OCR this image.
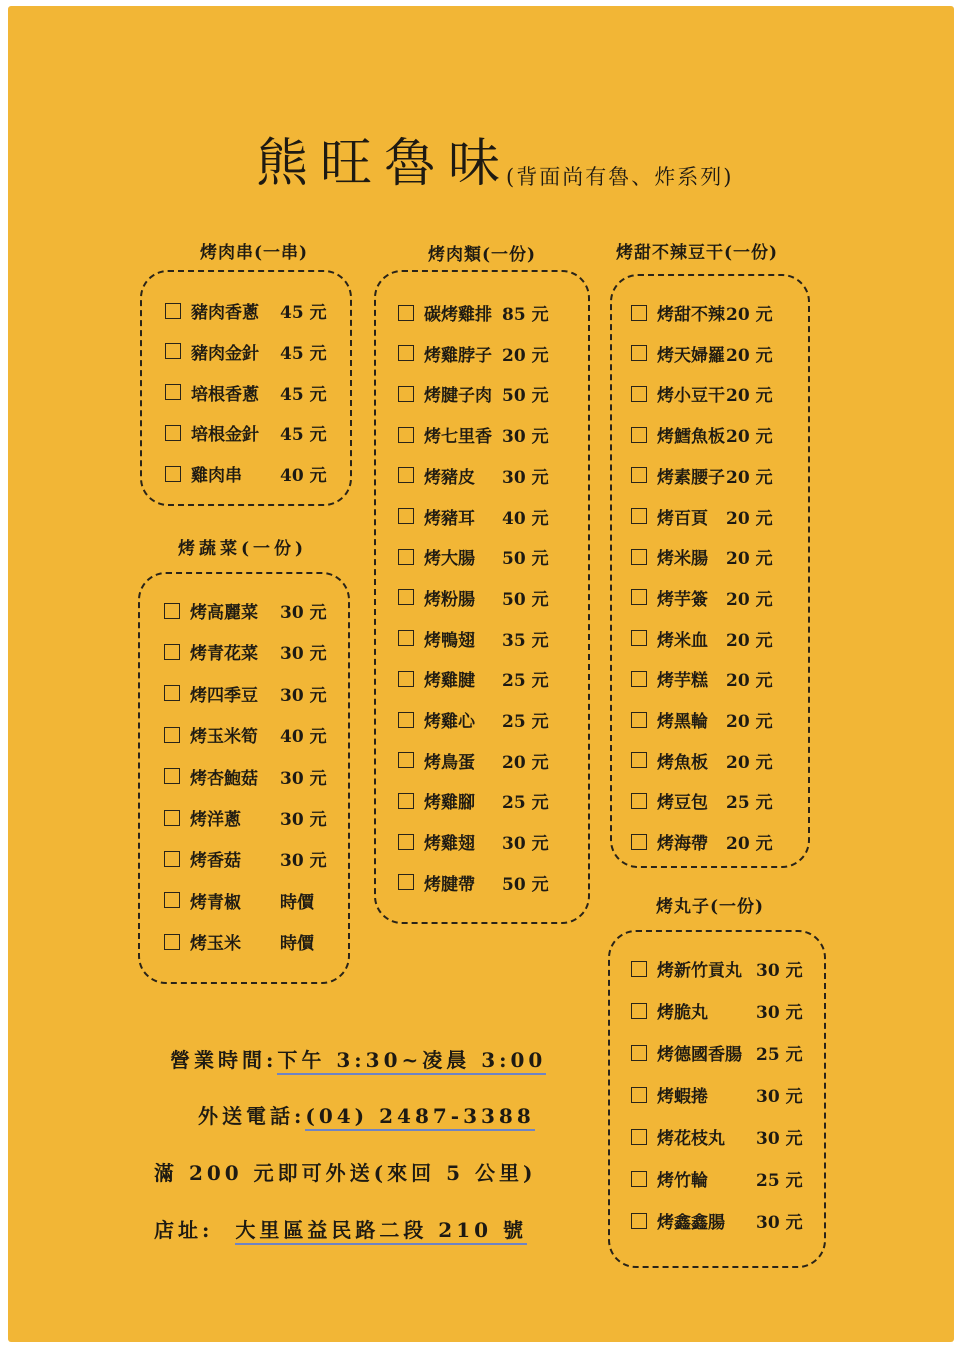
熊旺魯味
(背面尚有魯、炸系列)
烤肉串(一串)
烤蔬菜(一份)
烤肉類(一份)	烤甜不辣豆干(一份)
烤丸子(一份)
豬肉香蔥 45 元
豬肉金針 45 元
培根香蔥 45 元
培根金針 45 元
雞肉串 40 元
烤高麗菜 30 元
烤青花菜 30 元
烤四季豆 30 元
烤玉米筍 40 元
烤杏鮑菇 30 元
烤洋蔥 30 元
烤香菇 30 元
烤青椒 時價
烤玉米 時價
碳烤雞排 85 元
烤雞脖子 20 元
烤腱子肉 50 元
烤七里香 30 元
烤豬皮 30 元
烤豬耳 40 元
烤大腸 50 元
烤粉腸 50 元
烤鴨翅 35 元
烤雞腱 25 元
烤雞心 25 元
烤鳥蛋 20 元
烤雞腳 25 元
烤雞翅 30 元
烤腱帶 50 元
烤甜不辣 20 元
烤天婦羅 20 元
烤小豆干 20 元
烤鱈魚板 20 元
烤素腰子 20 元
烤百頁 20 元
烤米腸 20 元
烤芋簽 20 元
烤米血 20 元
烤芋糕 20 元
烤黑輪 20 元
烤魚板 20 元
烤豆包 25 元
烤海帶 20 元
烤新竹貢丸 30 元
烤脆丸	30 元
烤德國香腸 25 元
烤蝦捲	30 元
烤花枝丸 30 元
烤竹輪	25 元
烤鑫鑫腸 30 元
營業時間:下午 3:30~凌晨 3:00
外送電話:(04) 2487-3388
滿 200 元即可外送(來回 5 公里)
店址: 大里區益民路二段 210 號
